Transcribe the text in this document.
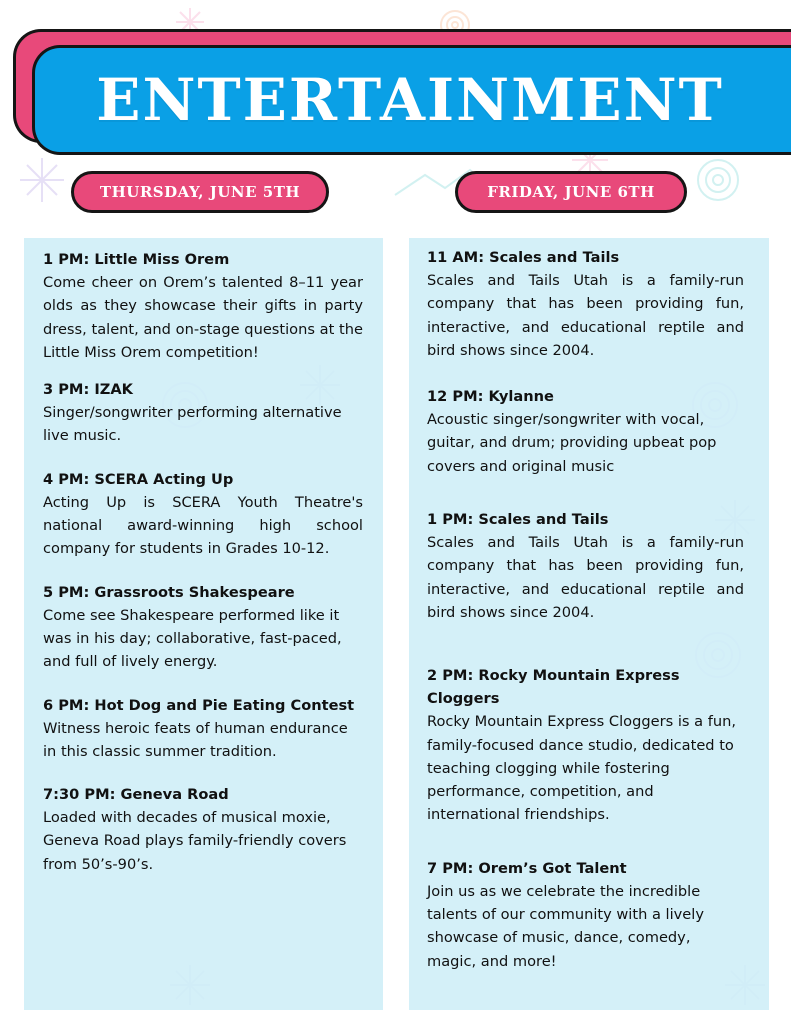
ENTERTAINMENT
THURSDAY, JUNE 5TH	FRIDAY, JUNE 6TH
1 PM: Little Miss Orem
Come cheer on Orem’s talented 8–11 year olds as they showcase their gifts in party dress, talent, and on-stage questions at the Little Miss Orem competition!
3 PM: IZAK
Singer/songwriter performing alternative live music.
4 PM: SCERA Acting Up
Acting Up is SCERA Youth Theatre's national award-winning high school company for students in Grades 10-12.
5 PM: Grassroots Shakespeare
Come see Shakespeare performed like it was in his day; collaborative, fast-paced, and full of lively energy.
6 PM: Hot Dog and Pie Eating Contest
Witness heroic feats of human endurance in this classic summer tradition.
7:30 PM: Geneva Road
Loaded with decades of musical moxie, Geneva Road plays family-friendly covers from 50’s-90’s.
11 AM: Scales and Tails
Scales and Tails Utah is a family-run company that has been providing fun, interactive, and educational reptile and bird shows since 2004.
12 PM: Kylanne
Acoustic singer/songwriter with vocal, guitar, and drum; providing upbeat pop covers and original music
1 PM: Scales and Tails
Scales and Tails Utah is a family-run company that has been providing fun, interactive, and educational reptile and bird shows since 2004.
2 PM: Rocky Mountain Express Cloggers
Rocky Mountain Express Cloggers is a fun, family-focused dance studio, dedicated to teaching clogging while fostering performance, competition, and international friendships.
7 PM: Orem’s Got Talent
Join us as we celebrate the incredible talents of our community with a lively showcase of music, dance, comedy, magic, and more!
